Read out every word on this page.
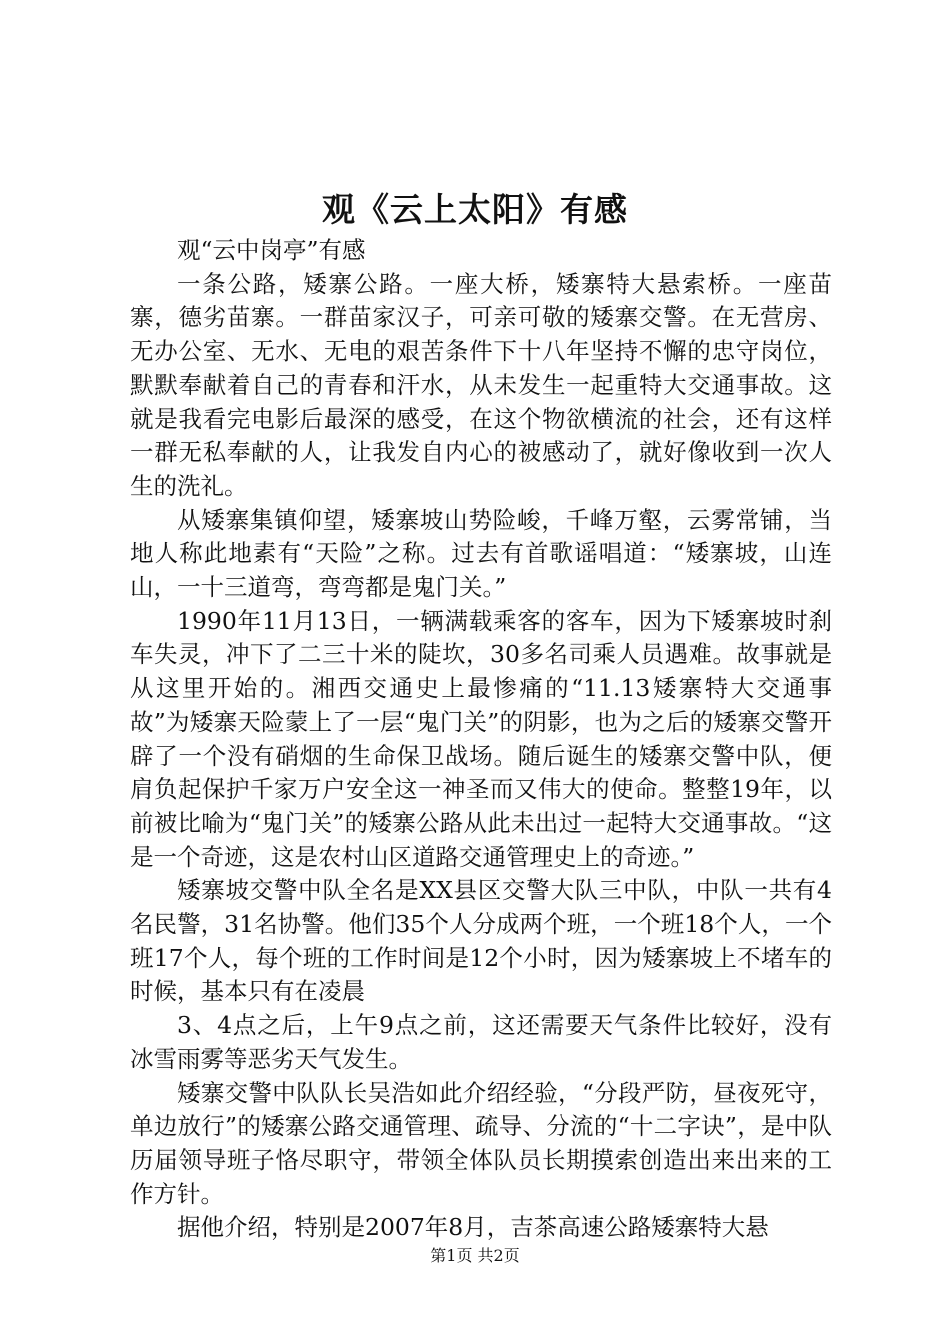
观《云上太阳》有感

观“云中岗亭”有感

一条公路，矮寨公路。一座大桥，矮寨特大悬索桥。一座苗寨，德劣苗寨。一群苗家汉子，可亲可敬的矮寨交警。在无营房、无办公室、无水、无电的艰苦条件下十八年坚持不懈的忠守岗位，默默奉献着自己的青春和汗水，从未发生一起重特大交通事故。这就是我看完电影后最深的感受，在这个物欲横流的社会，还有这样一群无私奉献的人，让我发自内心的被感动了，就好像收到一次人生的洗礼。

从矮寨集镇仰望，矮寨坡山势险峻，千峰万壑，云雾常铺，当地人称此地素有“天险”之称。过去有首歌谣唱道：“矮寨坡，山连山，一十三道弯，弯弯都是鬼门关。”

1990年11月13日，一辆满载乘客的客车，因为下矮寨坡时刹车失灵，冲下了二三十米的陡坎，30多名司乘人员遇难。故事就是从这里开始的。湘西交通史上最惨痛的“11.13矮寨特大交通事故”为矮寨天险蒙上了一层“鬼门关”的阴影，也为之后的矮寨交警开辟了一个没有硝烟的生命保卫战场。随后诞生的矮寨交警中队，便肩负起保护千家万户安全这一神圣而又伟大的使命。整整19年，以前被比喻为“鬼门关”的矮寨公路从此未出过一起特大交通事故。“这是一个奇迹，这是农村山区道路交通管理史上的奇迹。”

矮寨坡交警中队全名是XX县区交警大队三中队，中队一共有4名民警，31名协警。他们35个人分成两个班，一个班18个人，一个班17个人，每个班的工作时间是12个小时，因为矮寨坡上不堵车的时候，基本只有在凌晨

3、4点之后，上午9点之前，这还需要天气条件比较好，没有冰雪雨雾等恶劣天气发生。

矮寨交警中队队长吴浩如此介绍经验，“分段严防，昼夜死守，单边放行”的矮寨公路交通管理、疏导、分流的“十二字诀”，是中队历届领导班子恪尽职守，带领全体队员长期摸索创造出来出来的工作方针。

据他介绍，特别是2007年8月，吉茶高速公路矮寨特大悬

第1页 共2页
